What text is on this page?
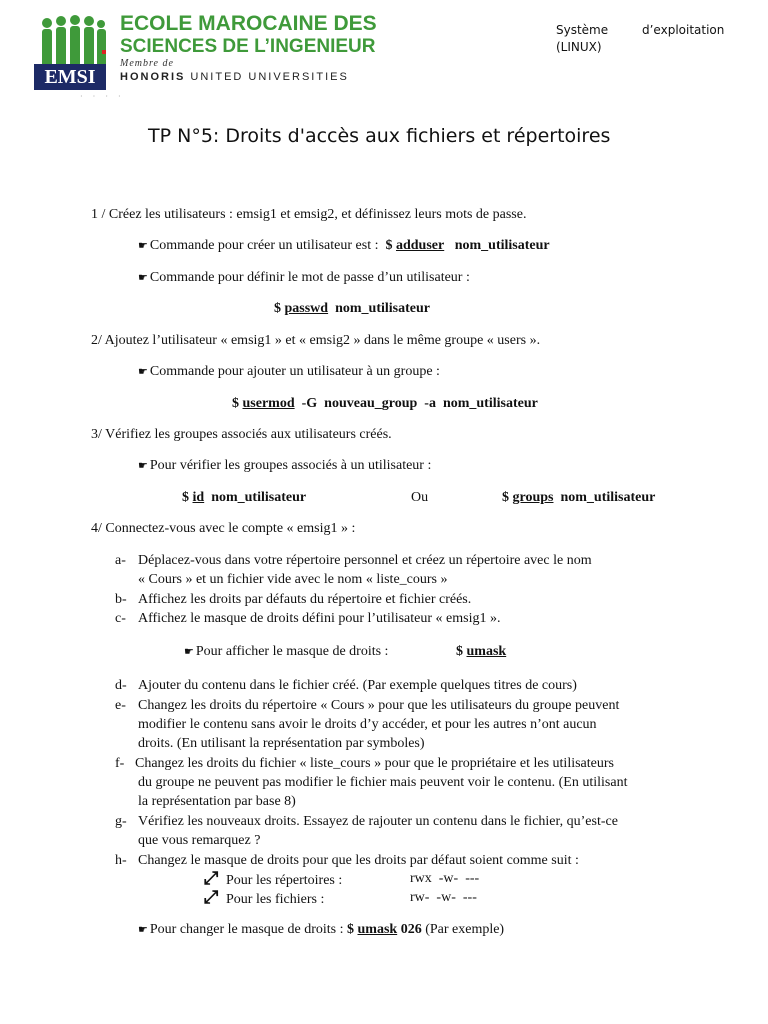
EMSI
ECOLE MAROCAINE DES
SCIENCES DE L’INGENIEUR
Membre de
HONORIS UNITED UNIVERSITIES
· · · ·
Système	d’exploitation
(LINUX)
TP N°5: Droits d'accès aux fichiers et répertoires
1 / Créez les utilisateurs : emsig1 et emsig2, et définissez leurs mots de passe.
☛ Commande pour créer un utilisateur est : $ adduser nom_utilisateur
☛ Commande pour définir le mot de passe d’un utilisateur :
$ passwd nom_utilisateur
2/ Ajoutez l’utilisateur « emsig1 » et « emsig2 » dans le même groupe « users ».
☛ Commande pour ajouter un utilisateur à un groupe :
$ usermod -G  nouveau_group  -a  nom_utilisateur
3/ Vérifiez les groupes associés aux utilisateurs créés.
☛ Pour vérifier les groupes associés à un utilisateur :
$ id nom_utilisateur	Ou	$ groups nom_utilisateur
4/ Connectez-vous avec le compte « emsig1 » :
a- Déplacez-vous dans votre répertoire personnel et créez un répertoire avec le nom
« Cours » et un fichier vide avec le nom « liste_cours »
b- Affichez les droits par défauts du répertoire et fichier créés.
c- Affichez le masque de droits défini pour l’utilisateur « emsig1 ».
☛ Pour afficher le masque de droits :	$ umask
d- Ajouter du contenu dans le fichier créé. (Par exemple quelques titres de cours)
e- Changez les droits du répertoire « Cours » pour que les utilisateurs du groupe peuvent
modifier le contenu sans avoir le droits d’y accéder, et pour les autres n’ont aucun
droits. (En utilisant la représentation par symboles)
f- Changez les droits du fichier « liste_cours » pour que le propriétaire et les utilisateurs
du groupe ne peuvent pas modifier le fichier mais peuvent voir le contenu. (En utilisant
la représentation par base 8)
g- Vérifiez les nouveaux droits. Essayez de rajouter un contenu dans le fichier, qu’est-ce
que vous remarquez ?
h- Changez le masque de droits pour que les droits par défaut soient comme suit :
⤢ Pour les répertoires :	rwx  -w-  ---
⤢ Pour les fichiers :	rw-  -w-  ---
☛ Pour changer le masque de droits : $ umask 026 (Par exemple)
